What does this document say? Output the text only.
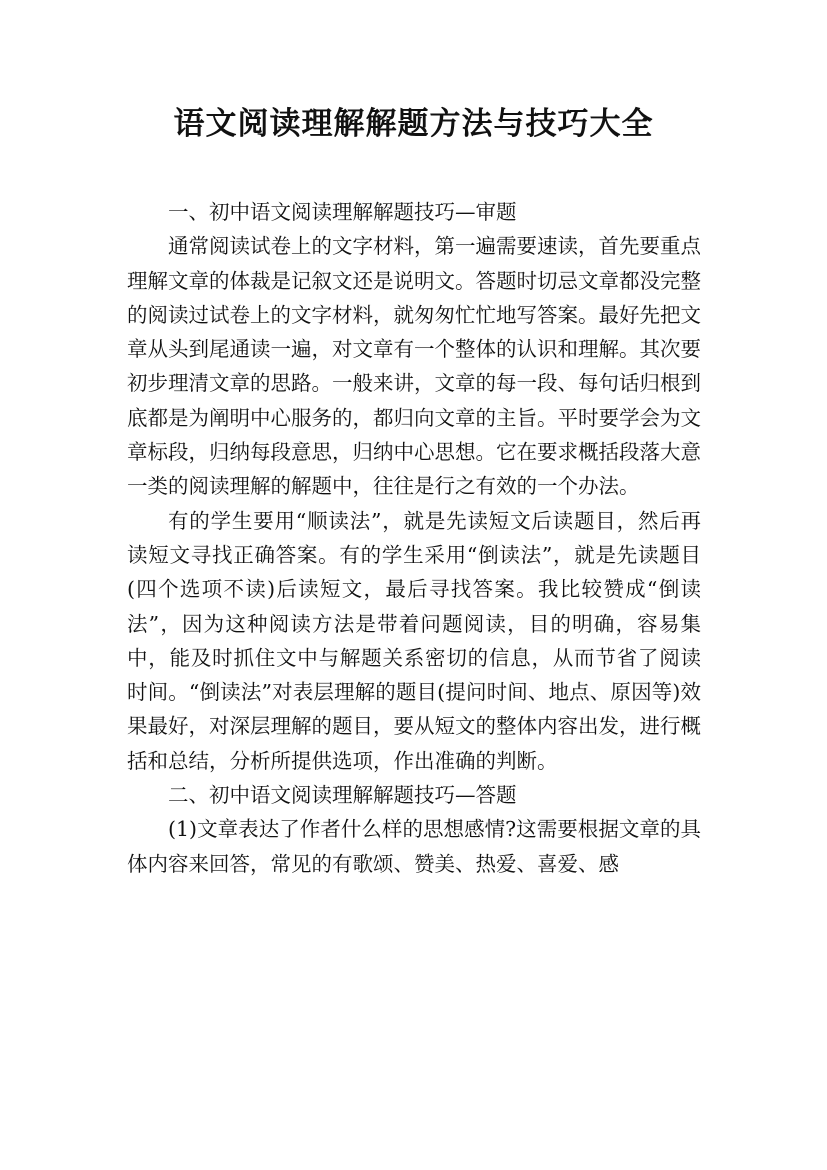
语文阅读理解解题方法与技巧大全

一、初中语文阅读理解解题技巧—审题

通常阅读试卷上的文字材料，第一遍需要速读，首先要重点理解文章的体裁是记叙文还是说明文。答题时切忌文章都没完整的阅读过试卷上的文字材料，就匆匆忙忙地写答案。最好先把文章从头到尾通读一遍，对文章有一个整体的认识和理解。其次要初步理清文章的思路。一般来讲，文章的每一段、每句话归根到底都是为阐明中心服务的，都归向文章的主旨。平时要学会为文章标段，归纳每段意思，归纳中心思想。它在要求概括段落大意一类的阅读理解的解题中，往往是行之有效的一个办法。

有的学生要用“顺读法”，就是先读短文后读题目，然后再读短文寻找正确答案。有的学生采用“倒读法”，就是先读题目(四个选项不读)后读短文，最后寻找答案。我比较赞成“倒读法”，因为这种阅读方法是带着问题阅读，目的明确，容易集中，能及时抓住文中与解题关系密切的信息，从而节省了阅读 时间。“倒读法”对表层理解的题目(提问时间、地点、原因等)效果最好，对深层理解的题目，要从短文的整体内容出发，进行概括和总结，分析所提供选项，作出准确的判断。

二、初中语文阅读理解解题技巧—答题

(1)文章表达了作者什么样的思想感情?这需要根据文章的具体内容来回答，常见的有歌颂、赞美、热爱、喜爱、感
